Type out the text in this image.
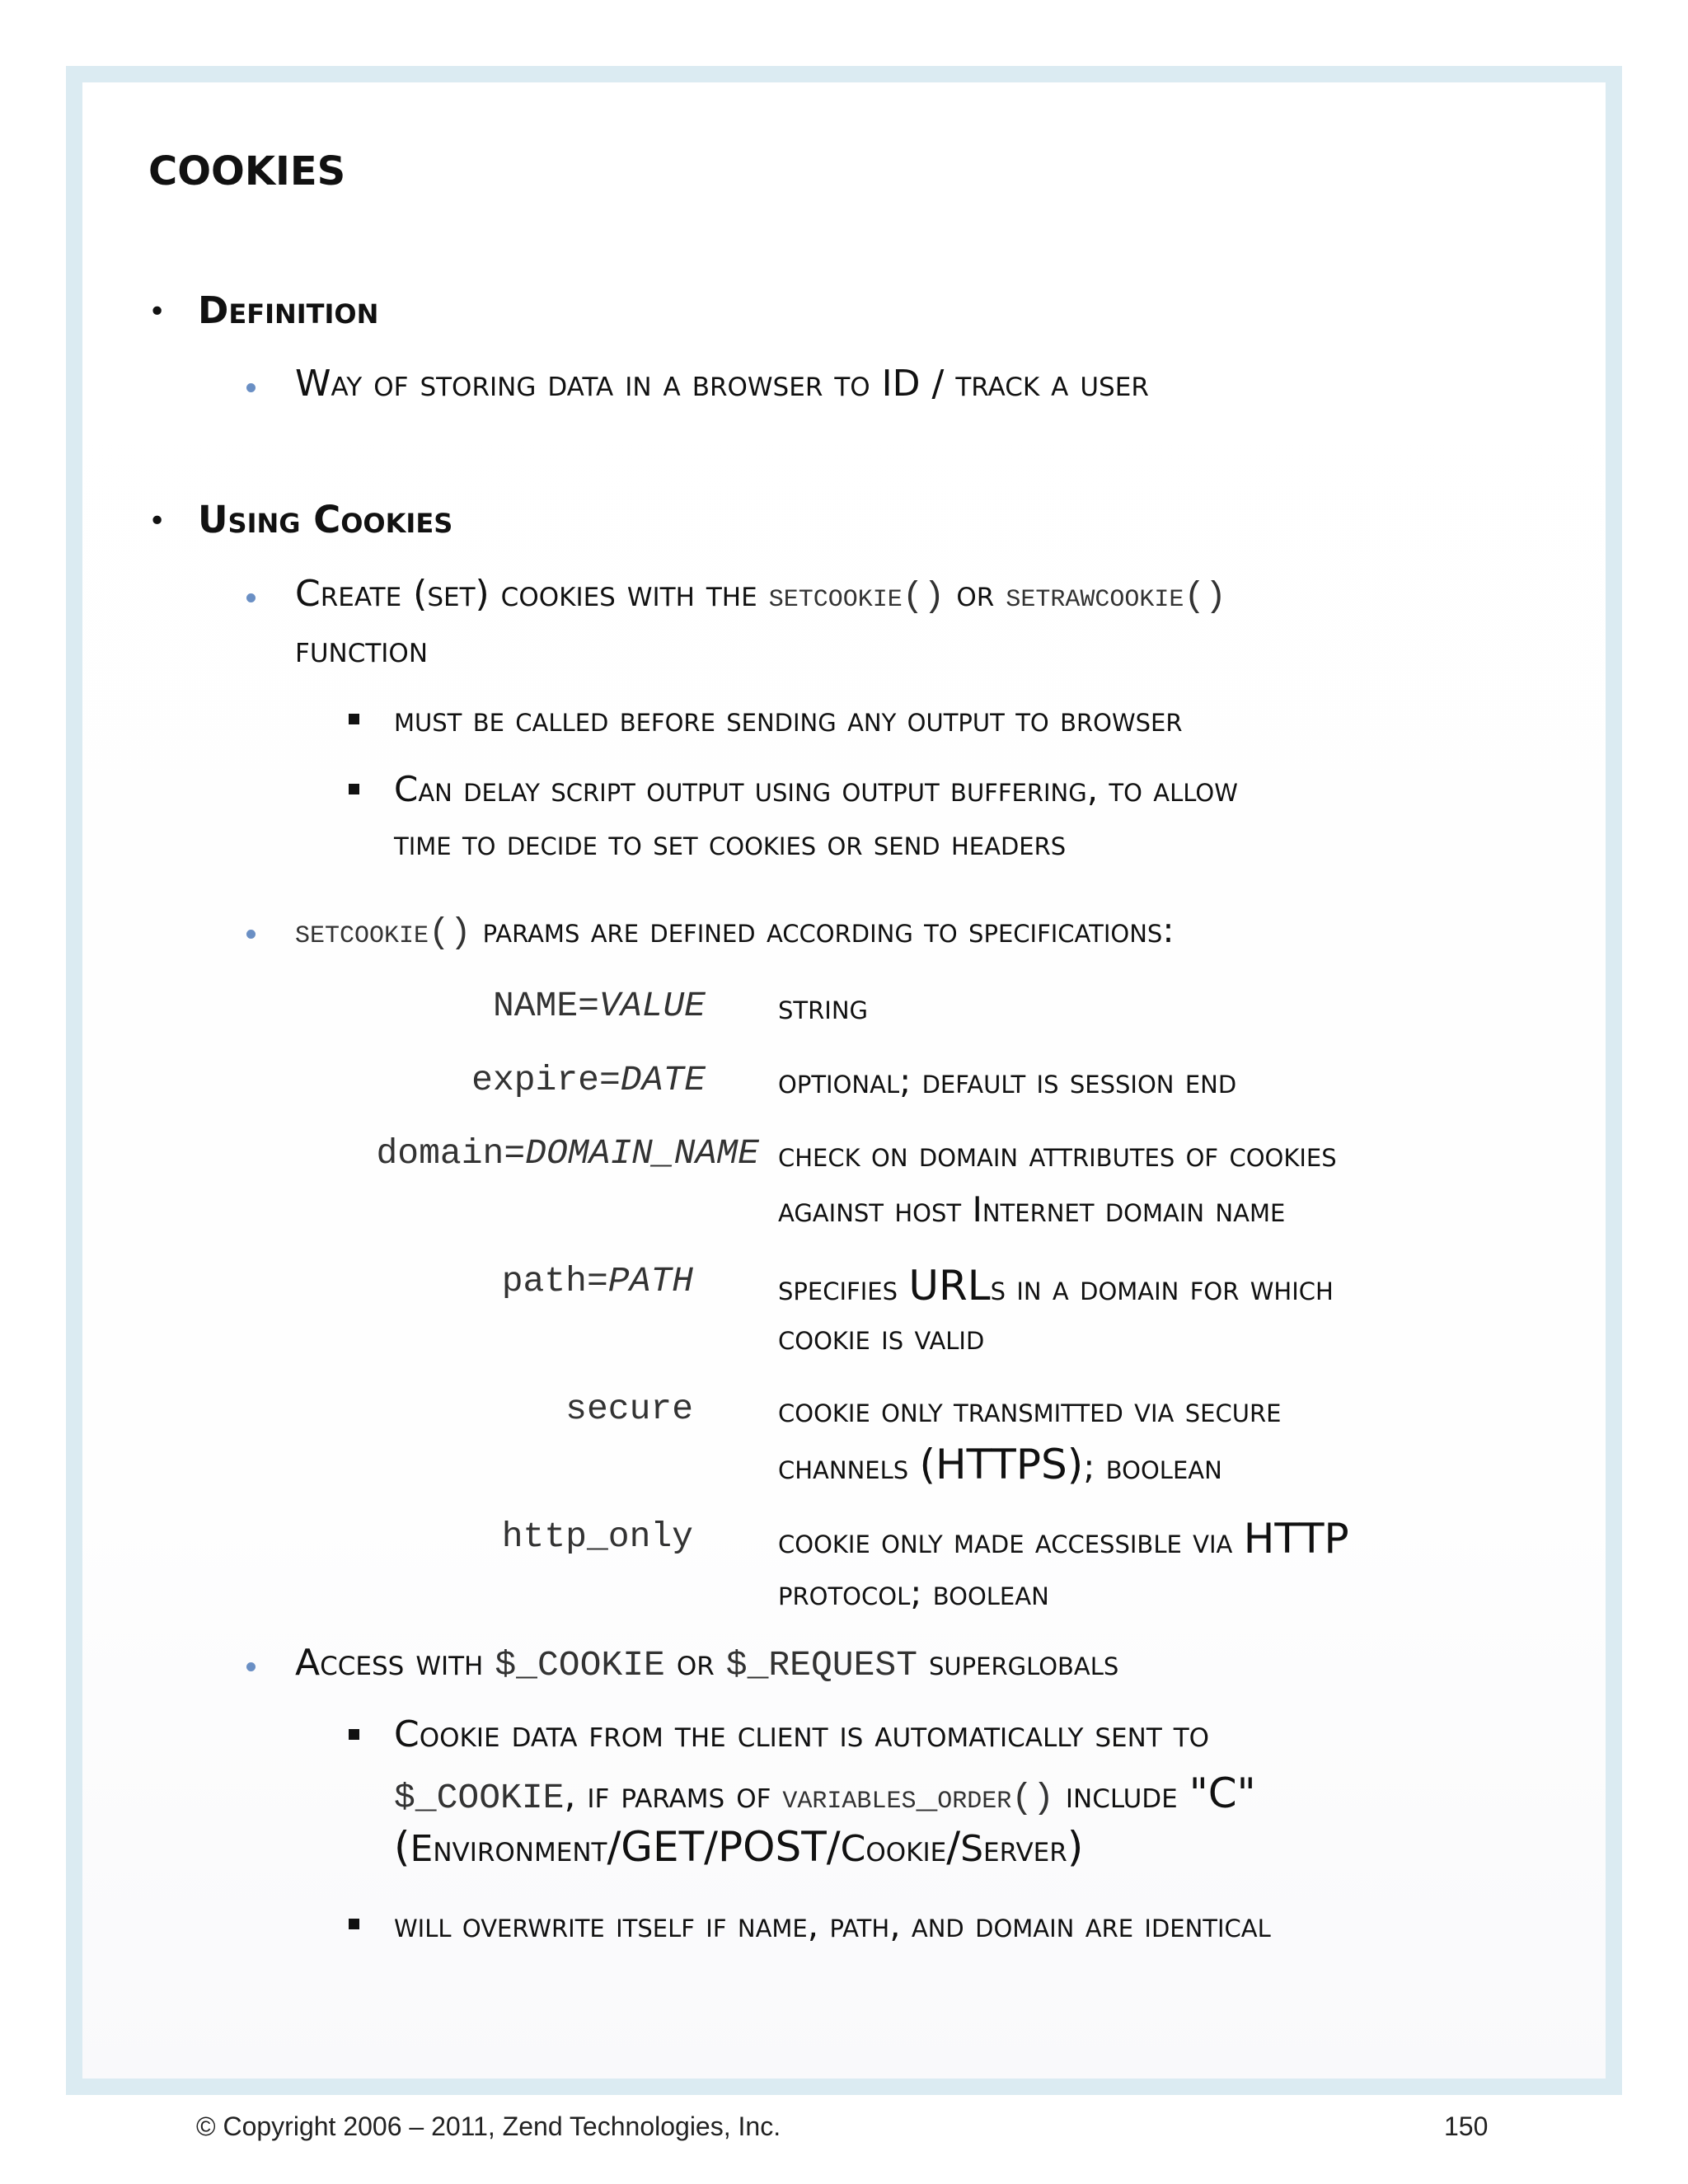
COOKIES
• Definition
Way of storing data in a browser to ID / track a user
• Using Cookies
Create (set) cookies with the setcookie() or setrawcookie()
function
must be called before sending any output to browser
Can delay script output using output buffering, to allow
time to decide to set cookies or send headers
setcookie() params are defined according to specifications:
NAME=VALUE string
expire=DATE optional; default is session end
domain=DOMAIN_NAME check on domain attributes of cookies
against host Internet domain name
path=PATH specifies URLs in a domain for which
cookie is valid
secure cookie only transmitted via secure
channels (HTTPS); boolean
http_only cookie only made accessible via HTTP
protocol; boolean
Access with $_COOKIE or $_REQUEST superglobals
Cookie data from the client is automatically sent to
$_COOKIE, if params of variables_order() include "C"
(Environment/GET/POST/Cookie/Server)
will overwrite itself if name, path, and domain are identical
© Copyright 2006 – 2011, Zend Technologies, Inc.	150
